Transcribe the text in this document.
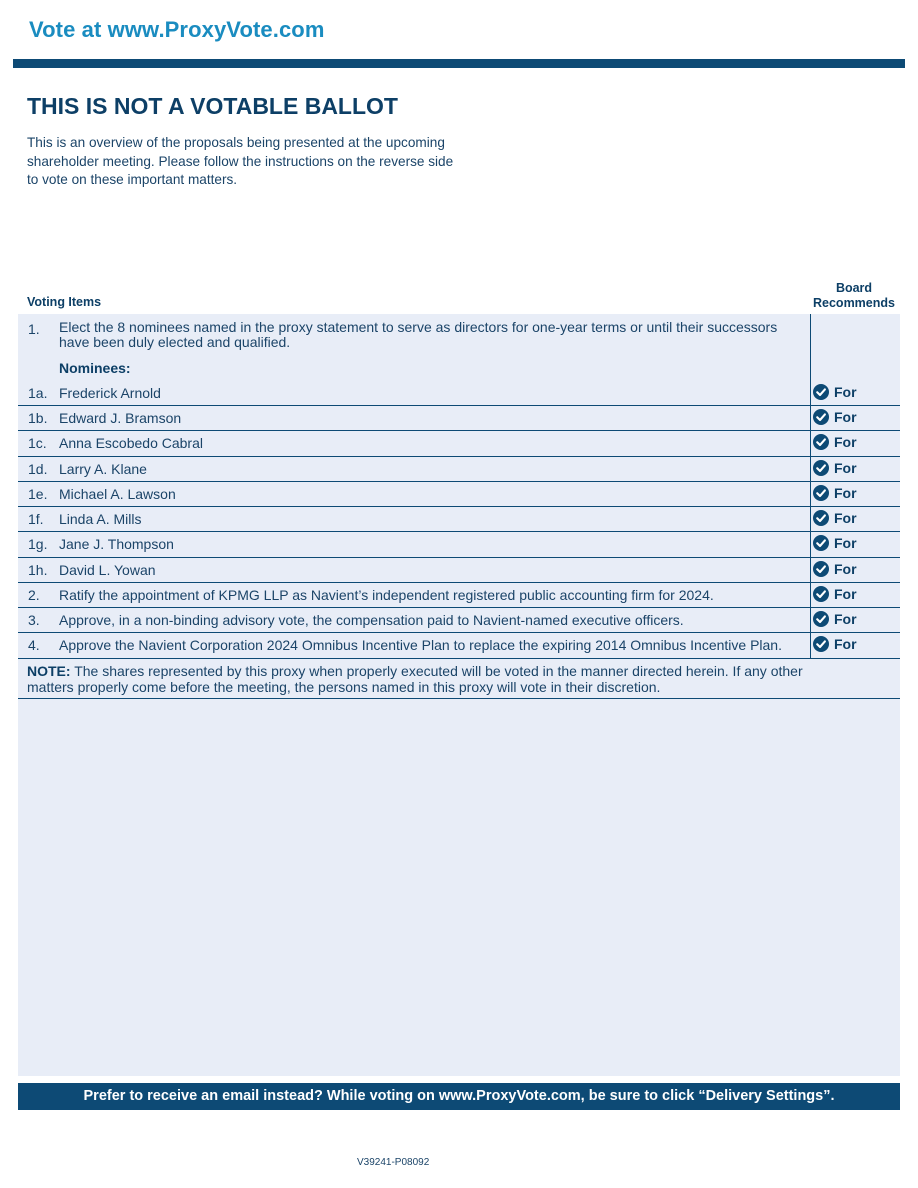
Vote at www.ProxyVote.com
THIS IS NOT A VOTABLE BALLOT
This is an overview of the proposals being presented at the upcoming shareholder meeting. Please follow the instructions on the reverse side to vote on these important matters.
Voting Items
Board
Recommends
1. Elect the 8 nominees named in the proxy statement to serve as directors for one-year terms or until their successors have been duly elected and qualified.
Nominees:
1a. Frederick Arnold	For
1b. Edward J. Bramson	For
1c. Anna Escobedo Cabral	For
1d. Larry A. Klane	For
1e. Michael A. Lawson	For
1f. Linda A. Mills	For
1g. Jane J. Thompson	For
1h. David L. Yowan	For
2. Ratify the appointment of KPMG LLP as Navient’s independent registered public accounting firm for 2024.	For
3. Approve, in a non-binding advisory vote, the compensation paid to Navient-named executive officers.	For
4. Approve the Navient Corporation 2024 Omnibus Incentive Plan to replace the expiring 2014 Omnibus Incentive Plan.	For
NOTE: The shares represented by this proxy when properly executed will be voted in the manner directed herein. If any other matters properly come before the meeting, the persons named in this proxy will vote in their discretion.
Prefer to receive an email instead? While voting on www.ProxyVote.com, be sure to click “Delivery Settings”.
V39241-P08092
